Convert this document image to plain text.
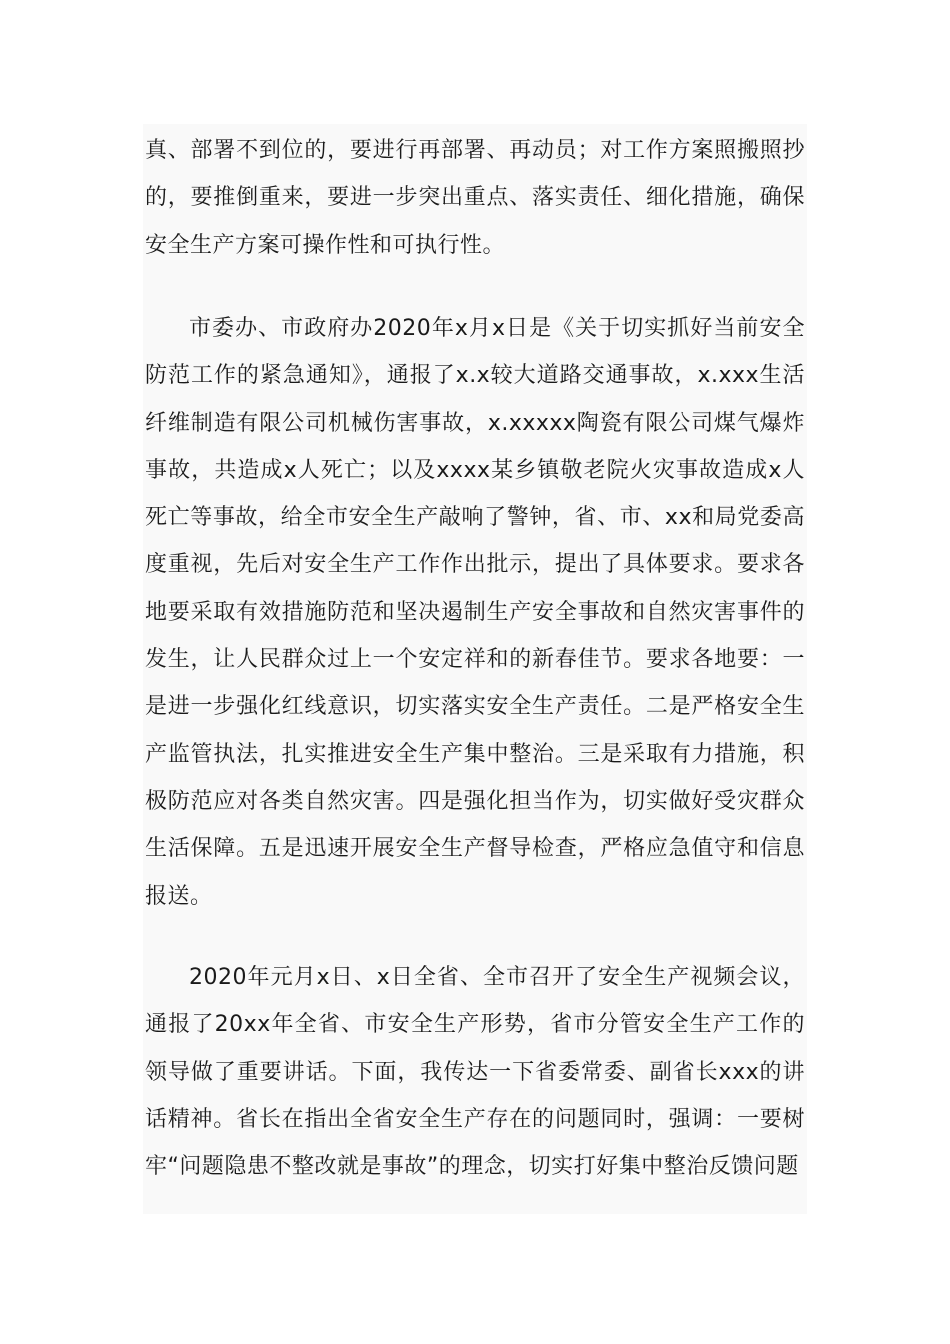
真、部署不到位的，要进行再部署、再动员；对工作方案照搬照抄的，要推倒重来，要进一步突出重点、落实责任、细化措施，确保安全生产方案可操作性和可执行性。

市委办、市政府办2020年x月x日是《关于切实抓好当前安全防范工作的紧急通知》，通报了x.x较大道路交通事故，x.xxx生活纤维制造有限公司机械伤害事故，x.xxxxx陶瓷有限公司煤气爆炸事故，共造成x人死亡；以及xxxx某乡镇敬老院火灾事故造成x人死亡等事故，给全市安全生产敲响了警钟，省、市、xx和局党委高度重视，先后对安全生产工作作出批示，提出了具体要求。要求各地要采取有效措施防范和坚决遏制生产安全事故和自然灾害事件的发生，让人民群众过上一个安定祥和的新春佳节。要求各地要：一是进一步强化红线意识，切实落实安全生产责任。二是严格安全生产监管执法，扎实推进安全生产集中整治。三是采取有力措施，积极防范应对各类自然灾害。四是强化担当作为，切实做好受灾群众生活保障。五是迅速开展安全生产督导检查，严格应急值守和信息报送。

2020年元月x日、x日全省、全市召开了安全生产视频会议，通报了20xx年全省、市安全生产形势，省市分管安全生产工作的领导做了重要讲话。下面，我传达一下省委常委、副省长xxx的讲话精神。省长在指出全省安全生产存在的问题同时，强调：一要树牢“问题隐患不整改就是事故”的理念，切实打好集中整治反馈问题
